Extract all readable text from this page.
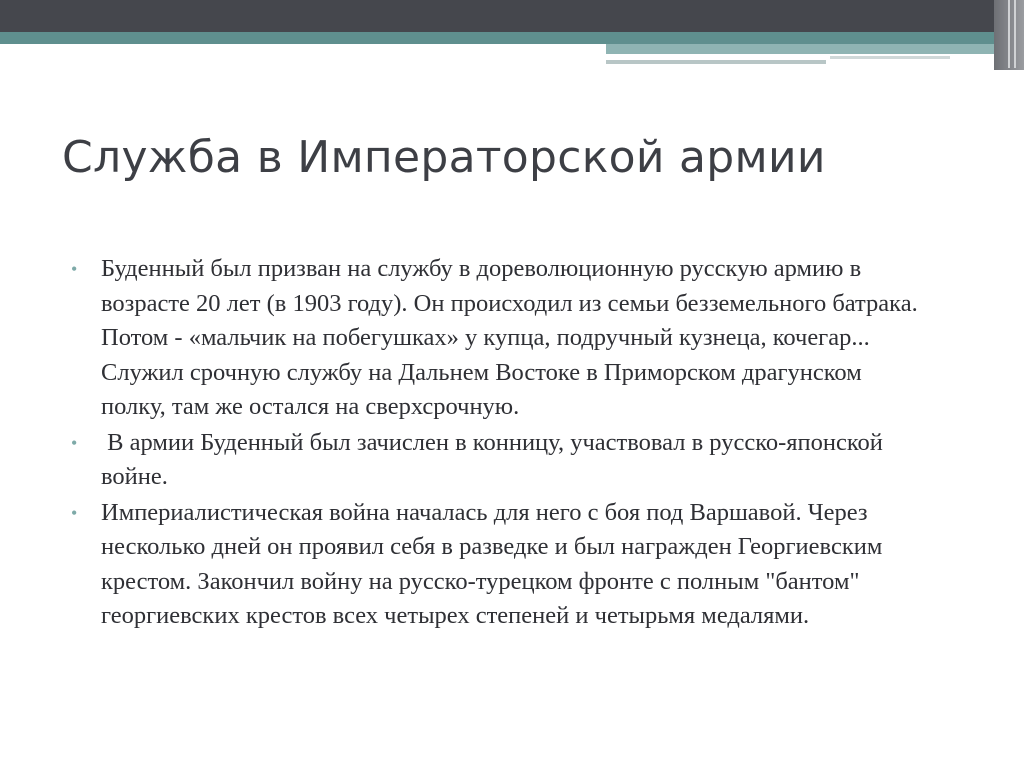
Служба в Императорской армии
• Буденный был призван на службу в дореволюционную русскую армию в возрасте 20 лет (в 1903 году). Он происходил из семьи безземельного батрака. Потом - «мальчик на побегушках» у купца, подручный кузнеца, кочегар... Служил срочную службу на Дальнем Востоке в Приморском драгунском полку, там же остался на сверхсрочную.
• В армии Буденный был зачислен в конницу, участвовал в русско-японской войне.
• Империалистическая война началась для него с боя под Варшавой. Через несколько дней он проявил себя в разведке и был награжден Георгиевским крестом. Закончил войну на русско-турецком фронте с полным "бантом" георгиевских крестов всех четырех степеней и четырьмя медалями.
